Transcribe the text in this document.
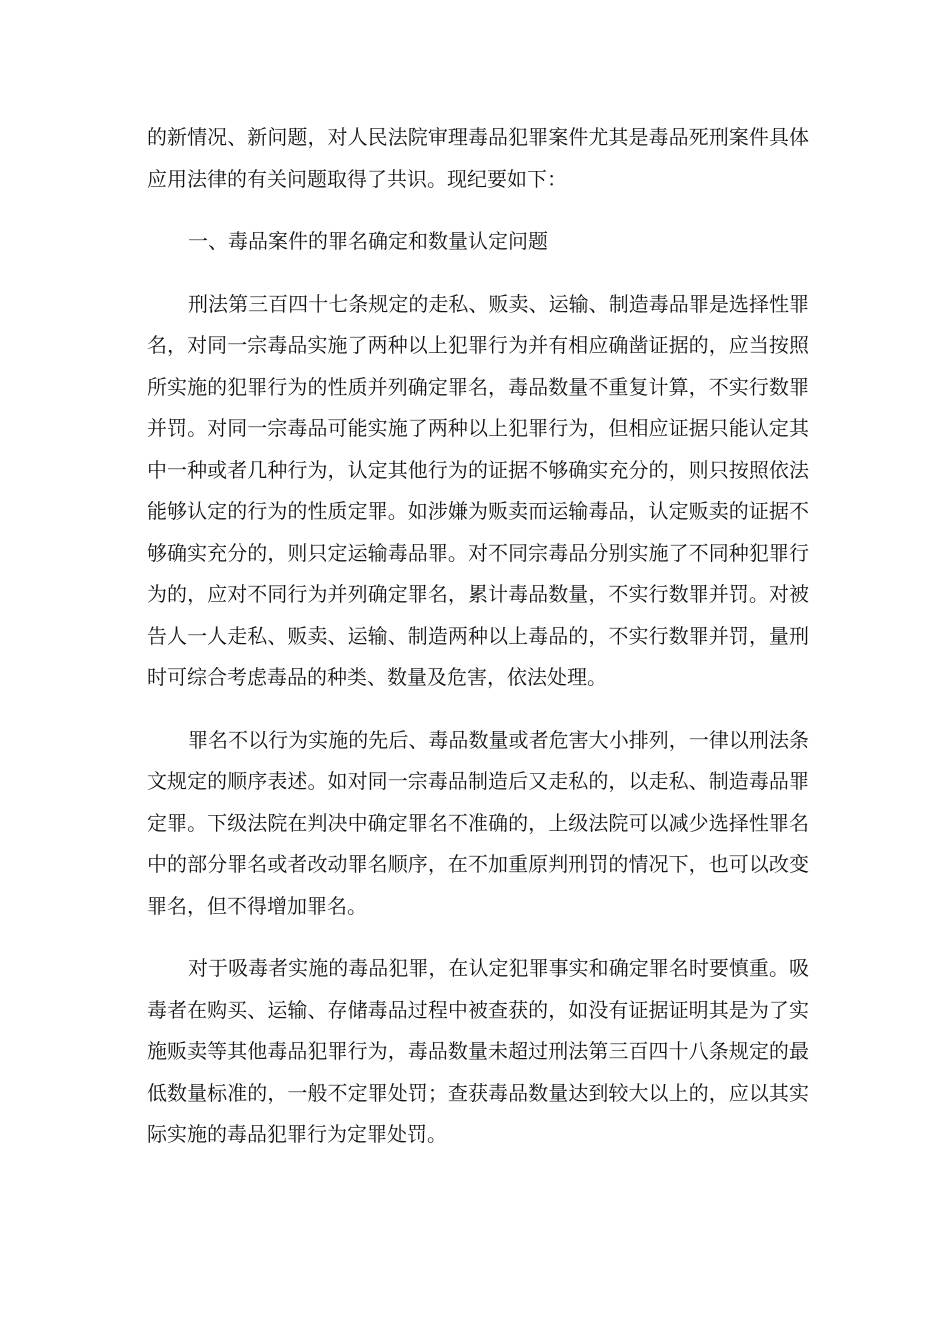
的新情况、新问题，对人民法院审理毒品犯罪案件尤其是毒品死刑案件具体应用法律的有关问题取得了共识。现纪要如下：

一、毒品案件的罪名确定和数量认定问题

刑法第三百四十七条规定的走私、贩卖、运输、制造毒品罪是选择性罪名，对同一宗毒品实施了两种以上犯罪行为并有相应确凿证据的，应当按照所实施的犯罪行为的性质并列确定罪名，毒品数量不重复计算，不实行数罪并罚。对同一宗毒品可能实施了两种以上犯罪行为，但相应证据只能认定其中一种或者几种行为，认定其他行为的证据不够确实充分的，则只按照依法能够认定的行为的性质定罪。如涉嫌为贩卖而运输毒品，认定贩卖的证据不够确实充分的，则只定运输毒品罪。对不同宗毒品分别实施了不同种犯罪行为的，应对不同行为并列确定罪名，累计毒品数量，不实行数罪并罚。对被告人一人走私、贩卖、运输、制造两种以上毒品的，不实行数罪并罚，量刑时可综合考虑毒品的种类、数量及危害，依法处理。

罪名不以行为实施的先后、毒品数量或者危害大小排列，一律以刑法条文规定的顺序表述。如对同一宗毒品制造后又走私的，以走私、制造毒品罪定罪。下级法院在判决中确定罪名不准确的，上级法院可以减少选择性罪名中的部分罪名或者改动罪名顺序，在不加重原判刑罚的情况下，也可以改变罪名，但不得增加罪名。

对于吸毒者实施的毒品犯罪，在认定犯罪事实和确定罪名时要慎重。吸毒者在购买、运输、存储毒品过程中被查获的，如没有证据证明其是为了实施贩卖等其他毒品犯罪行为，毒品数量未超过刑法第三百四十八条规定的最低数量标准的，一般不定罪处罚；查获毒品数量达到较大以上的，应以其实际实施的毒品犯罪行为定罪处罚。
